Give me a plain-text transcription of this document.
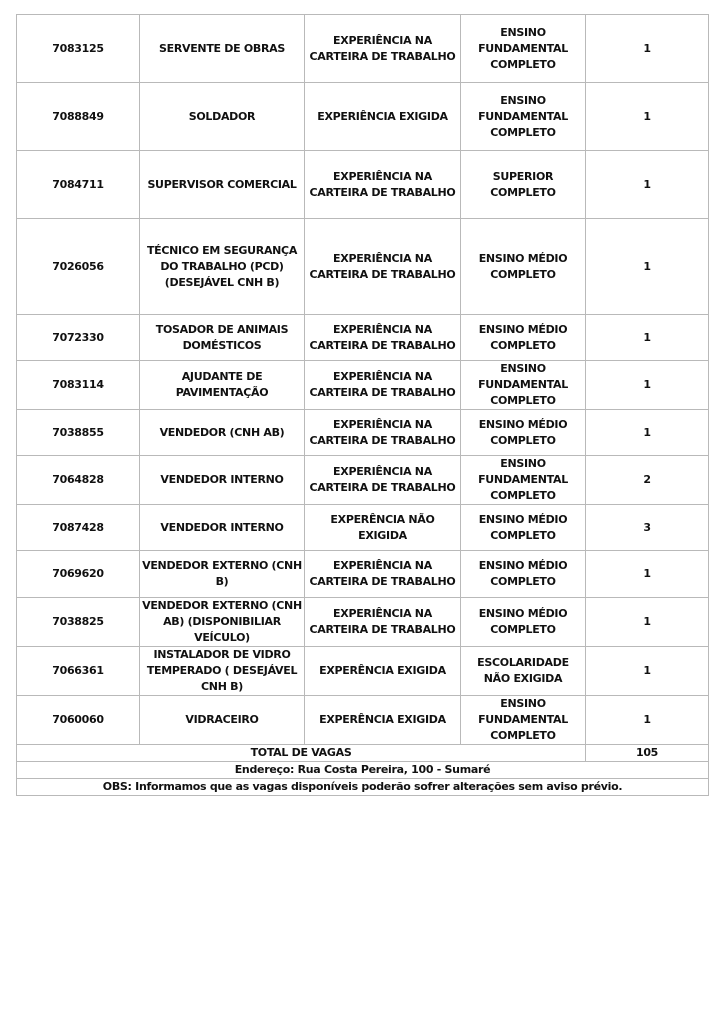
7083125	SERVENTE DE OBRAS	EXPERIÊNCIA NA CARTEIRA DE TRABALHO	ENSINO FUNDAMENTAL COMPLETO	1
7088849	SOLDADOR	EXPERIÊNCIA EXIGIDA	ENSINO FUNDAMENTAL COMPLETO	1
7084711	SUPERVISOR COMERCIAL	EXPERIÊNCIA NA CARTEIRA DE TRABALHO	SUPERIOR COMPLETO	1
7026056	TÉCNICO EM SEGURANÇA DO TRABALHO (PCD) (DESEJÁVEL CNH B)	EXPERIÊNCIA NA CARTEIRA DE TRABALHO	ENSINO MÉDIO COMPLETO	1
7072330	TOSADOR DE ANIMAIS DOMÉSTICOS	EXPERIÊNCIA NA CARTEIRA DE TRABALHO	ENSINO MÉDIO COMPLETO	1
7083114	AJUDANTE DE PAVIMENTAÇÃO	EXPERIÊNCIA NA CARTEIRA DE TRABALHO	ENSINO FUNDAMENTAL COMPLETO	1
7038855	VENDEDOR (CNH AB)	EXPERIÊNCIA NA CARTEIRA DE TRABALHO	ENSINO MÉDIO COMPLETO	1
7064828	VENDEDOR INTERNO	EXPERIÊNCIA NA CARTEIRA DE TRABALHO	ENSINO FUNDAMENTAL COMPLETO	2
7087428	VENDEDOR INTERNO	EXPERÊNCIA NÃO EXIGIDA	ENSINO MÉDIO COMPLETO	3
7069620	VENDEDOR EXTERNO (CNH B)	EXPERIÊNCIA NA CARTEIRA DE TRABALHO	ENSINO MÉDIO COMPLETO	1
7038825	VENDEDOR EXTERNO (CNH AB) (DISPONIBILIAR VEÍCULO)	EXPERIÊNCIA NA CARTEIRA DE TRABALHO	ENSINO MÉDIO COMPLETO	1
7066361	INSTALADOR DE VIDRO TEMPERADO ( DESEJÁVEL CNH B)	EXPERÊNCIA EXIGIDA	ESCOLARIDADE NÃO EXIGIDA	1
7060060	VIDRACEIRO	EXPERÊNCIA EXIGIDA	ENSINO FUNDAMENTAL COMPLETO	1
TOTAL DE VAGAS				105
Endereço: Rua Costa Pereira, 100 - Sumaré				
OBS: Informamos que as vagas disponíveis poderão sofrer alterações sem aviso prévio.				
